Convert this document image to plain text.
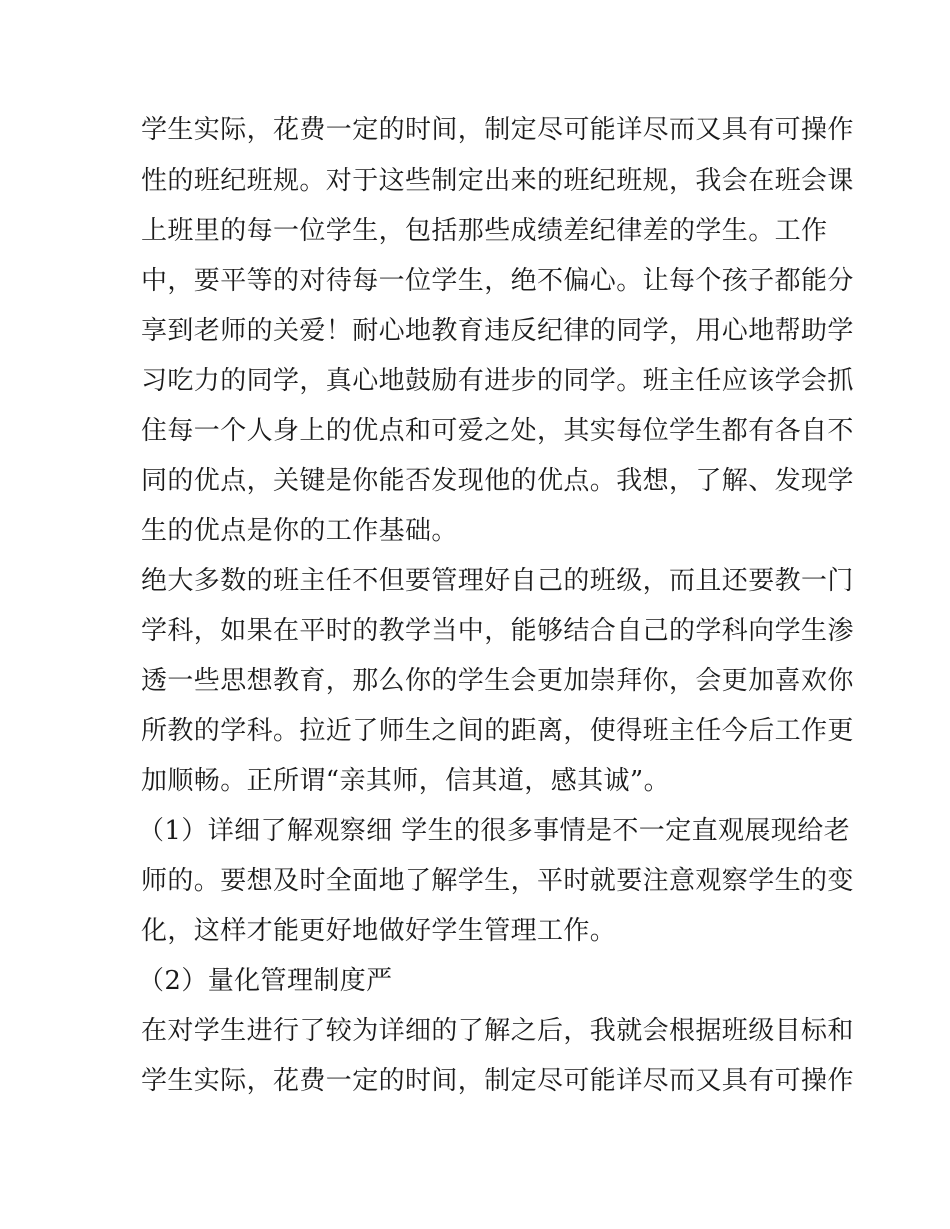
学生实际，花费一定的时间，制定尽可能详尽而又具有可操作
性的班纪班规。对于这些制定出来的班纪班规，我会在班会课
上班里的每一位学生，包括那些成绩差纪律差的学生。工作
中，要平等的对待每一位学生，绝不偏心。让每个孩子都能分
享到老师的关爱！耐心地教育违反纪律的同学，用心地帮助学
习吃力的同学，真心地鼓励有进步的同学。班主任应该学会抓
住每一个人身上的优点和可爱之处，其实每位学生都有各自不
同的优点，关键是你能否发现他的优点。我想，了解、发现学
生的优点是你的工作基础。
绝大多数的班主任不但要管理好自己的班级，而且还要教一门
学科，如果在平时的教学当中，能够结合自己的学科向学生渗
透一些思想教育，那么你的学生会更加崇拜你，会更加喜欢你
所教的学科。拉近了师生之间的距离，使得班主任今后工作更
加顺畅。正所谓“亲其师，信其道，感其诚”。
（1）详细了解观察细 学生的很多事情是不一定直观展现给老
师的。要想及时全面地了解学生，平时就要注意观察学生的变
化，这样才能更好地做好学生管理工作。
（2）量化管理制度严
在对学生进行了较为详细的了解之后，我就会根据班级目标和
学生实际，花费一定的时间，制定尽可能详尽而又具有可操作
